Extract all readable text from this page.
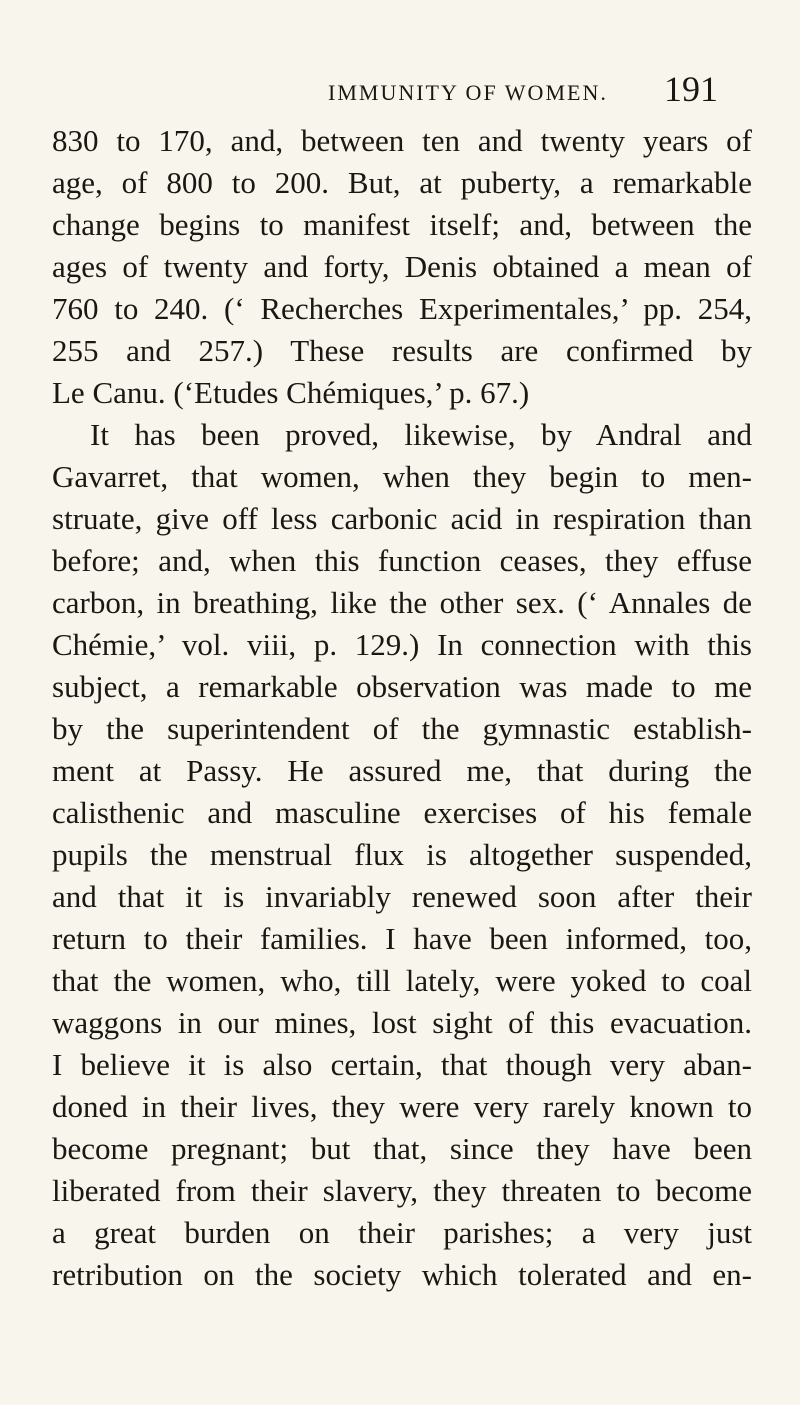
IMMUNITY OF WOMEN. 191
830 to 170, and, between ten and twenty years of
age, of 800 to 200. But, at puberty, a remarkable
change begins to manifest itself; and, between the
ages of twenty and forty, Denis obtained a mean of
760 to 240. (‘ Recherches Experimentales,’ pp. 254,
255 and 257.) These results are confirmed by
Le Canu. (‘Etudes Chémiques,’ p. 67.)
It has been proved, likewise, by Andral and
Gavarret, that women, when they begin to men-
struate, give off less carbonic acid in respiration than
before; and, when this function ceases, they effuse
carbon, in breathing, like the other sex. (‘ Annales de
Chémie,’ vol. viii, p. 129.) In connection with this
subject, a remarkable observation was made to me
by the superintendent of the gymnastic establish-
ment at Passy. He assured me, that during the
calisthenic and masculine exercises of his female
pupils the menstrual flux is altogether suspended,
and that it is invariably renewed soon after their
return to their families. I have been informed, too,
that the women, who, till lately, were yoked to coal
waggons in our mines, lost sight of this evacuation.
I believe it is also certain, that though very aban-
doned in their lives, they were very rarely known to
become pregnant; but that, since they have been
liberated from their slavery, they threaten to become
a great burden on their parishes; a very just
retribution on the society which tolerated and en-
